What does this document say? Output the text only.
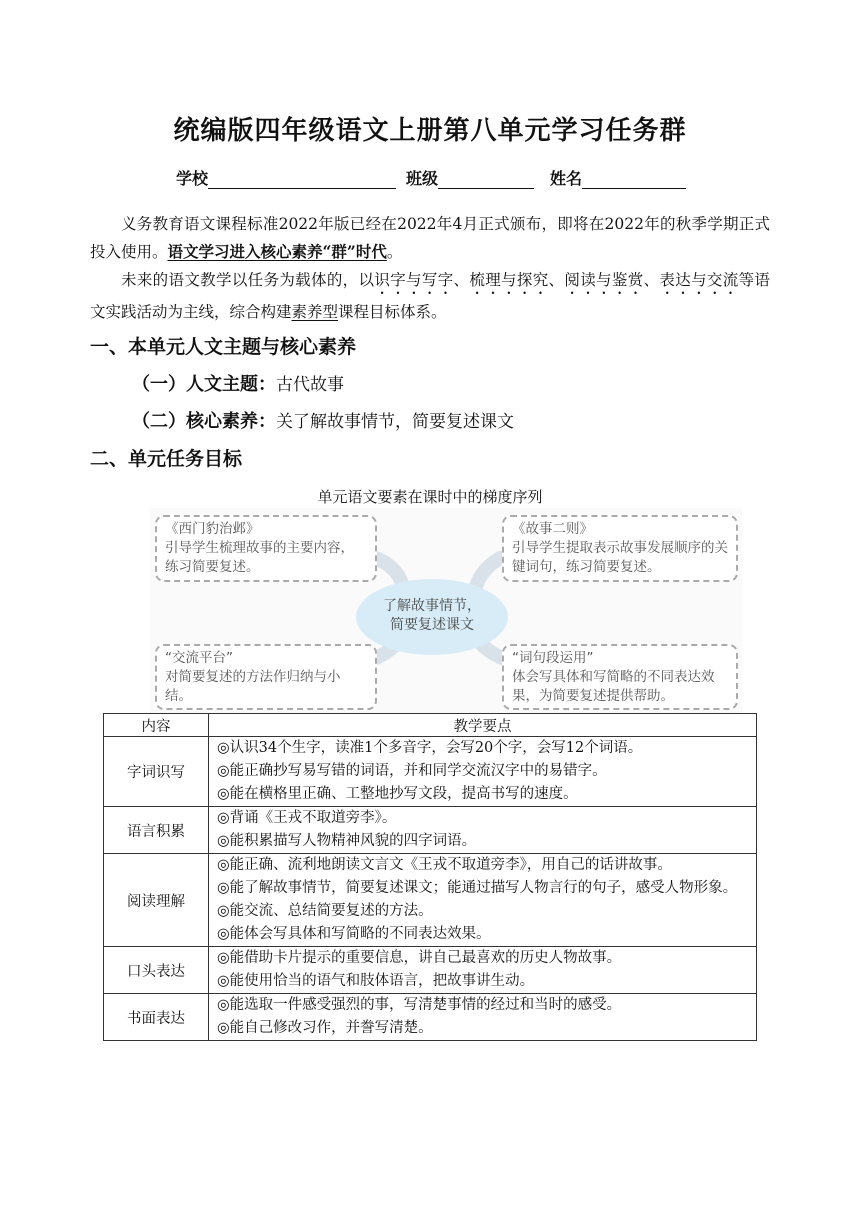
统编版四年级语文上册第八单元学习任务群
学校	班级	姓名
义务教育语文课程标准2022年版已经在2022年4月正式颁布，即将在2022年的秋季学期正式投入使用。语文学习进入核心素养“群”时代。
未来的语文教学以任务为载体的，以识字与写字、梳理与探究、阅读与鉴赏、表达与交流等语文实践活动为主线，综合构建素养型课程目标体系。
一、本单元人文主题与核心素养
（一）人文主题：古代故事
（二）核心素养：关了解故事情节，简要复述课文
二、单元任务目标
单元语文要素在课时中的梯度序列
了解故事情节，
简要复述课文
《西门豹治邺》
引导学生梳理故事的主要内容，练习简要复述。
《故事二则》
引导学生提取表示故事发展顺序的关键词句，练习简要复述。
“交流平台”
对简要复述的方法作归纳与小结。
“词句段运用”
体会写具体和写简略的不同表达效果，为简要复述提供帮助。
内容	教学要点
字词识写	◎认识34个生字，读准1个多音字，会写20个字，会写12个词语。
◎能正确抄写易写错的词语，并和同学交流汉字中的易错字。
◎能在横格里正确、工整地抄写文段，提高书写的速度。

语言积累	◎背诵《王戎不取道旁李》。
◎能积累描写人物精神风貌的四字词语。

阅读理解	◎能正确、流利地朗读文言文《王戎不取道旁李》，用自己的话讲故事。
◎能了解故事情节，简要复述课文；能通过描写人物言行的句子，感受人物形象。
◎能交流、总结简要复述的方法。
◎能体会写具体和写简略的不同表达效果。

口头表达	◎能借助卡片提示的重要信息，讲自己最喜欢的历史人物故事。
◎能使用恰当的语气和肢体语言，把故事讲生动。

书面表达	◎能选取一件感受强烈的事，写清楚事情的经过和当时的感受。
◎能自己修改习作，并誊写清楚。
